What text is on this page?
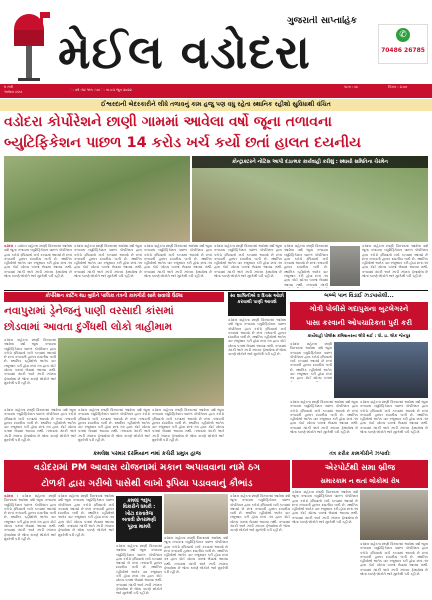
ગુજરાતી સાપ્તાહિક
મેઈલ વડોદરા	✆
70486 26785
ધ તંત્રી
અજય ઠક્કર	ઃ વર્ષ :૧૪ અંક :૫૦ ઃ તા.૦૩ જૂન ૨૦૨૨
પાના : ૦૮	કિંમત : ૨.૦૦
ઈશ્વરદાની બેદરકારીને લીધે તળાવનું કામ હજુ પણ વધુ રહેતા સ્થાનિક રહીશો સુવિધાથી વંચિત
વડોદરા કોર્પોરેશને છાણી ગામમાં આવેલા વર્ષો જૂના તળાવના
બ્યુટિફિકેશન પાછળ 14 કરોડ ખર્ચ કર્યો છતાં હાલત દયનીય
કોન્ટ્રાક્ટરને નોટિસ આપી દંડાત્મક કાર્યવાહી કરીશું : સ્થાયી સમિતિના ચેરમેન
વડોદરા : વડોદરા શહેરના છાણી વિસ્તારમાં આવેલા વર્ષો જૂના તળાવના બ્યુટિફિકેશન પાછળ કોર્પોરેશન દ્વારા કરોડો રૂપિયાનો ખર્ચ કરવામાં આવ્યો છે છતાં તળાવની હાલત દયનીય બની છે. સ્થાનિક રહીશોએ અનેક વાર રજૂઆત કરી હોવા છતાં તંત્ર દ્વારા કોઈ યોગ્ય પગલાં લેવામાં આવ્યા નથી. તળાવમાં ગંદકી અને ઝાડી ઝાંખરા ફેલાયેલા છે જેના કારણે લોકોને ભારે મુશ્કેલી પડી રહી છે.
વડોદરા શહેરના છાણી વિસ્તારમાં આવેલા વર્ષો જૂના તળાવના બ્યુટિફિકેશન પાછળ કોર્પોરેશન દ્વારા કરોડો રૂપિયાનો ખર્ચ કરવામાં આવ્યો છે છતાં તળાવની હાલત દયનીય બની છે. સ્થાનિક રહીશોએ અનેક વાર રજૂઆત કરી હોવા છતાં તંત્ર દ્વારા કોઈ યોગ્ય પગલાં લેવામાં આવ્યા નથી. તળાવમાં ગંદકી અને ઝાડી ઝાંખરા ફેલાયેલા છે જેના કારણે લોકોને ભારે મુશ્કેલી પડી રહી છે.
વડોદરા શહેરના છાણી વિસ્તારમાં આવેલા વર્ષો જૂના તળાવના બ્યુટિફિકેશન પાછળ કોર્પોરેશન દ્વારા કરોડો રૂપિયાનો ખર્ચ કરવામાં આવ્યો છે છતાં તળાવની હાલત દયનીય બની છે. સ્થાનિક રહીશોએ અનેક વાર રજૂઆત કરી હોવા છતાં તંત્ર દ્વારા કોઈ યોગ્ય પગલાં લેવામાં આવ્યા નથી. તળાવમાં ગંદકી અને ઝાડી ઝાંખરા ફેલાયેલા છે જેના કારણે લોકોને ભારે મુશ્કેલી પડી રહી છે.
વડોદરા શહેરના છાણી વિસ્તારમાં આવેલા વર્ષો જૂના તળાવના બ્યુટિફિકેશન પાછળ કોર્પોરેશન દ્વારા કરોડો રૂપિયાનો ખર્ચ કરવામાં આવ્યો છે છતાં તળાવની હાલત દયનીય બની છે. સ્થાનિક રહીશોએ અનેક વાર રજૂઆત કરી હોવા છતાં તંત્ર દ્વારા કોઈ યોગ્ય પગલાં લેવામાં આવ્યા નથી. તળાવમાં ગંદકી અને ઝાડી ઝાંખરા ફેલાયેલા છે જેના કારણે લોકોને ભારે મુશ્કેલી પડી રહી છે.
વડોદરા શહેરના છાણી વિસ્તારમાં આવેલા વર્ષો જૂના તળાવના બ્યુટિફિકેશન પાછળ કોર્પોરેશન દ્વારા કરોડો રૂપિયાનો ખર્ચ કરવામાં આવ્યો છે છતાં તળાવની હાલત દયનીય બની છે. સ્થાનિક રહીશોએ અનેક વાર રજૂઆત કરી હોવા છતાં તંત્ર દ્વારા કોઈ યોગ્ય પગલાં લેવામાં આવ્યા નથી. તળાવમાં ગંદકી
વડોદરા શહેરના છાણી વિસ્તારમાં આવેલા વર્ષો જૂના તળાવના બ્યુટિફિકેશન પાછળ કોર્પોરેશન દ્વારા કરોડો રૂપિયાનો ખર્ચ કરવામાં આવ્યો છે છતાં તળાવની હાલત દયનીય બની છે. સ્થાનિક રહીશોએ અનેક વાર રજૂઆત કરી હોવા છતાં તંત્ર દ્વારા કોઈ યોગ્ય પગલાં લેવામાં આવ્યા નથી. તળાવમાં ગંદકી અને ઝાડી ઝાંખરા ફેલાયેલા છે જેના કારણે લોકોને ભારે મુશ્કેલી પડી રહી છે.
કોર્પોરેશન કાર્ટિંગ થઇ બુધીને પાલિકા તંત્રની કામગીરી સામે સવાલો ઉઠ્યા
નવાપુરામાં ડ્રેનેજનું પાણી વરસાદી કાંસમાં
છોડવામાં આવતા દુર્ગંધથી લોકો ત્રાહીમામ
વડોદરા શહેરના છાણી વિસ્તારમાં આવેલા વર્ષો જૂના તળાવના બ્યુટિફિકેશન પાછળ કોર્પોરેશન દ્વારા કરોડો રૂપિયાનો ખર્ચ કરવામાં આવ્યો છે છતાં તળાવની હાલત દયનીય બની છે. સ્થાનિક રહીશોએ અનેક વાર રજૂઆત કરી હોવા છતાં તંત્ર દ્વારા કોઈ યોગ્ય પગલાં લેવામાં આવ્યા નથી. તળાવમાં ગંદકી અને ઝાડી ઝાંખરા ફેલાયેલા છે જેના કારણે લોકોને ભારે મુશ્કેલી પડી રહી છે.
વડોદરા શહેરના છાણી વિસ્તારમાં આવેલા વર્ષો જૂના તળાવના બ્યુટિફિકેશન પાછળ કોર્પોરેશન દ્વારા કરોડો રૂપિયાનો ખર્ચ કરવામાં આવ્યો છે છતાં તળાવની હાલત દયનીય બની છે. સ્થાનિક રહીશોએ અનેક વાર રજૂઆત કરી હોવા છતાં તંત્ર દ્વારા કોઈ યોગ્ય પગલાં લેવામાં આવ્યા નથી. તળાવમાં ગંદકી અને ઝાડી ઝાંખરા ફેલાયેલા છે જેના કારણે લોકોને ભારે મુશ્કેલી પડી રહી છે.
વડોદરા શહેરના છાણી વિસ્તારમાં આવેલા વર્ષો જૂના તળાવના બ્યુટિફિકેશન પાછળ કોર્પોરેશન દ્વારા કરોડો રૂપિયાનો ખર્ચ કરવામાં આવ્યો છે છતાં તળાવની હાલત દયનીય બની છે. સ્થાનિક રહીશોએ અનેક વાર રજૂઆત કરી હોવા છતાં તંત્ર દ્વારા કોઈ યોગ્ય પગલાં લેવામાં આવ્યા નથી. તળાવમાં ગંદકી અને ઝાડી ઝાંખરા ફેલાયેલા છે જેના કારણે લોકોને ભારે મુશ્કેલી પડી રહી છે.
વડોદરા શહેરના છાણી વિસ્તારમાં આવેલા વર્ષો જૂના તળાવના બ્યુટિફિકેશન પાછળ કોર્પોરેશન દ્વારા કરોડો રૂપિયાનો ખર્ચ કરવામાં આવ્યો છે છતાં તળાવની હાલત દયનીય બની છે. સ્થાનિક રહીશોએ અનેક વાર રજૂઆત કરી હોવા છતાં તંત્ર દ્વારા કોઈ યોગ્ય પગલાં લેવામાં આવ્યા નથી. તળાવમાં ગંદકી અને ઝાડી ઝાંખરા ફેલાયેલા છે જેના કારણે લોકોને ભારે મુશ્કેલી પડી રહી છે.
સ્વ શાલિનીએ ૨ દિવસ ઓછો કરવાથી પાણી આવશે
વડોદરા શહેરના છાણી વિસ્તારમાં આવેલા વર્ષો જૂના તળાવના બ્યુટિફિકેશન પાછળ કોર્પોરેશન દ્વારા કરોડો રૂપિયાનો ખર્ચ કરવામાં આવ્યો છે છતાં તળાવની હાલત દયનીય બની છે. સ્થાનિક રહીશોએ અનેક વાર રજૂઆત કરી હોવા છતાં તંત્ર દ્વારા કોઈ યોગ્ય પગલાં લેવામાં આવ્યા નથી. તળાવમાં ગંદકી અને ઝાડી ઝાંખરા ફેલાયેલા છે જેના કારણે લોકોને ભારે મુશ્કેલી પડી રહી છે.
બબ્બે પાન વિડાઈ ઝડપાયેલી...
ગોત્રી પોલીસે ગદાપુરાના બુટલેગરને
પાસા કરવાની ઓપચારિકતા પુરી કરી
કાર્યવાહી પોલીસ કમિશનરના લીધે થઈ : પો. ઇ. લોક જેતપુર
વડોદરા શહેરના છાણી વિસ્તારમાં આવેલા વર્ષો જૂના તળાવના બ્યુટિફિકેશન પાછળ કોર્પોરેશન દ્વારા કરોડો રૂપિયાનો ખર્ચ કરવામાં આવ્યો છે છતાં તળાવની હાલત દયનીય બની છે. સ્થાનિક રહીશોએ અનેક વાર રજૂઆત કરી હોવા છતાં તંત્ર દ્વારા કોઈ યોગ્ય પગલાં
વડોદરા શહેરના છાણી વિસ્તારમાં આવેલા વર્ષો જૂના તળાવના બ્યુટિફિકેશન પાછળ કોર્પોરેશન દ્વારા કરોડો રૂપિયાનો ખર્ચ કરવામાં આવ્યો છે છતાં તળાવની હાલત દયનીય બની છે. સ્થાનિક રહીશોએ અનેક વાર રજૂઆત કરી હોવા છતાં તંત્ર દ્વારા કોઈ યોગ્ય પગલાં લેવામાં આવ્યા નથી. તળાવમાં ગંદકી અને ઝાડી ઝાંખરા ફેલાયેલા છે જેના કારણે લોકોને ભારે મુશ્કેલી પડી રહી છે.
વડોદરા શહેરના છાણી વિસ્તારમાં આવેલા વર્ષો જૂના તળાવના બ્યુટિફિકેશન પાછળ કોર્પોરેશન દ્વારા કરોડો રૂપિયાનો ખર્ચ કરવામાં આવ્યો છે છતાં તળાવની હાલત દયનીય બની છે. સ્થાનિક રહીશોએ અનેક વાર રજૂઆત કરી હોવા છતાં તંત્ર દ્વારા કોઈ યોગ્ય પગલાં લેવામાં આવ્યા નથી. તળાવમાં ગંદકી અને ઝાડી ઝાંખરા ફેલાયેલા છે જેના કારણે લોકોને ભારે મુશ્કેલી પડી રહી છે.
કમલેશ પરમાર દરમિયાન નમાં કચેરી પ્રમુખ હાજ	તંત્ર કરીક કામગીરીને ઝપાવીઃ
વડોદરામાં PM આવાસ યોજનામાં મકાન અપાવવાના નામે ઠગ
ટોળકી દ્વારા ગરીબો પાસેથી લાખો રૂપિયા પડાવવાનું કૌભાંડ
વડોદરા : વડોદરા શહેરના છાણી વિસ્તારમાં આવેલા વર્ષો જૂના તળાવના બ્યુટિફિકેશન પાછળ કોર્પોરેશન દ્વારા કરોડો રૂપિયાનો ખર્ચ કરવામાં આવ્યો છે છતાં તળાવની હાલત દયનીય બની છે. સ્થાનિક રહીશોએ અનેક વાર રજૂઆત કરી હોવા છતાં તંત્ર દ્વારા કોઈ યોગ્ય પગલાં લેવામાં આવ્યા નથી. તળાવમાં ગંદકી અને ઝાડી ઝાંખરા ફેલાયેલા છે જેના કારણે લોકોને ભારે મુશ્કેલી પડી રહી છે.
વડોદરા શહેરના છાણી વિસ્તારમાં આવેલા વર્ષો જૂના તળાવના બ્યુટિફિકેશન પાછળ કોર્પોરેશન દ્વારા કરોડો રૂપિયાનો ખર્ચ કરવામાં આવ્યો છે છતાં તળાવની હાલત દયનીય બની છે. સ્થાનિક રહીશોએ અનેક વાર રજૂઆત કરી હોવા છતાં તંત્ર દ્વારા કોઈ યોગ્ય પગલાં લેવામાં આવ્યા નથી. તળાવમાં ગંદકી અને ઝાડી ઝાંખરા ફેલાયેલા છે જેના કારણે લોકોને ભારે મુશ્કેલી પડી રહી છે.
કમલાં શ્વરૂપ વિકારીને ધમકી : ખોટા દસ્તાવેજ બતાવી છેતરામણી પૂરવા મામલે
વડોદરા શહેરના છાણી વિસ્તારમાં આવેલા વર્ષો જૂના તળાવના બ્યુટિફિકેશન પાછળ કોર્પોરેશન દ્વારા કરોડો રૂપિયાનો ખર્ચ કરવામાં આવ્યો છે છતાં તળાવની હાલત દયનીય બની છે. સ્થાનિક રહીશોએ અનેક વાર રજૂઆત કરી હોવા છતાં તંત્ર દ્વારા કોઈ યોગ્ય પગલાં લેવામાં આવ્યા નથી. તળાવમાં ગંદકી અને ઝાડી ઝાંખરા ફેલાયેલા છે જેના કારણે લોકોને ભારે મુશ્કેલી પડી રહી છે.
વડોદરા શહેરના છાણી વિસ્તારમાં આવેલા વર્ષો જૂના તળાવના બ્યુટિફિકેશન પાછળ કોર્પોરેશન દ્વારા કરોડો રૂપિયાનો ખર્ચ કરવામાં આવ્યો છે છતાં તળાવની હાલત દયનીય બની છે. સ્થાનિક રહીશોએ અનેક વાર રજૂઆત કરી હોવા છતાં તંત્ર દ્વારા કોઈ યોગ્ય પગલાં લેવામાં આવ્યા નથી. તળાવમાં ગંદકી અને ઝાડી ઝાંખરા ફેલાયેલા છે જેના કારણે લોકોને ભારે મુશ્કેલી પડી રહી છે.
વડોદરા શહેરના છાણી વિસ્તારમાં આવેલા વર્ષો જૂના તળાવના બ્યુટિફિકેશન પાછળ કોર્પોરેશન દ્વારા કરોડો રૂપિયાનો ખર્ચ કરવામાં આવ્યો છે છતાં તળાવની હાલત દયનીય બની છે. સ્થાનિક રહીશોએ અનેક વાર રજૂઆત કરી હોવા છતાં તંત્ર દ્વારા કોઈ યોગ્ય પગલાં લેવામાં આવ્યા નથી. તળાવમાં ગંદકી અને ઝાડી ઝાંખરા ફેલાયેલા છે જેના કારણે લોકોને ભારે મુશ્કેલી પડી રહી છે.
એરપોર્ટથી સમા બ્રીજ
સમારકામ ન થતાં લોકોમાં રોષ
વડોદરા શહેરના છાણી વિસ્તારમાં આવેલા વર્ષો જૂના તળાવના બ્યુટિફિકેશન પાછળ કોર્પોરેશન દ્વારા કરોડો રૂપિયાનો ખર્ચ કરવામાં આવ્યો છે છતાં તળાવની હાલત દયનીય બની છે. સ્થાનિક રહીશોએ અનેક વાર રજૂઆત કરી હોવા છતાં તંત્ર દ્વારા કોઈ યોગ્ય પગલાં લેવામાં આવ્યા નથી. તળાવમાં ગંદકી અને ઝાડી ઝાંખરા ફેલાયેલા છે જેના કારણે લોકોને ભારે મુશ્કેલી પડી રહી છે.
વડોદરા શહેરના છાણી વિસ્તારમાં આવેલા વર્ષો જૂના તળાવના બ્યુટિફિકેશન પાછળ કોર્પોરેશન દ્વારા કરોડો રૂપિયાનો ખર્ચ કરવામાં આવ્યો છે છતાં તળાવની હાલત દયનીય બની છે. સ્થાનિક રહીશોએ અનેક વાર રજૂઆત કરી હોવા છતાં તંત્ર દ્વારા કોઈ યોગ્ય પગલાં લેવામાં આવ્યા નથી. તળાવમાં ગંદકી અને ઝાડી ઝાંખરા ફેલાયેલા છે જેના કારણે લોકોને ભારે મુશ્કેલી પડી રહી છે.
